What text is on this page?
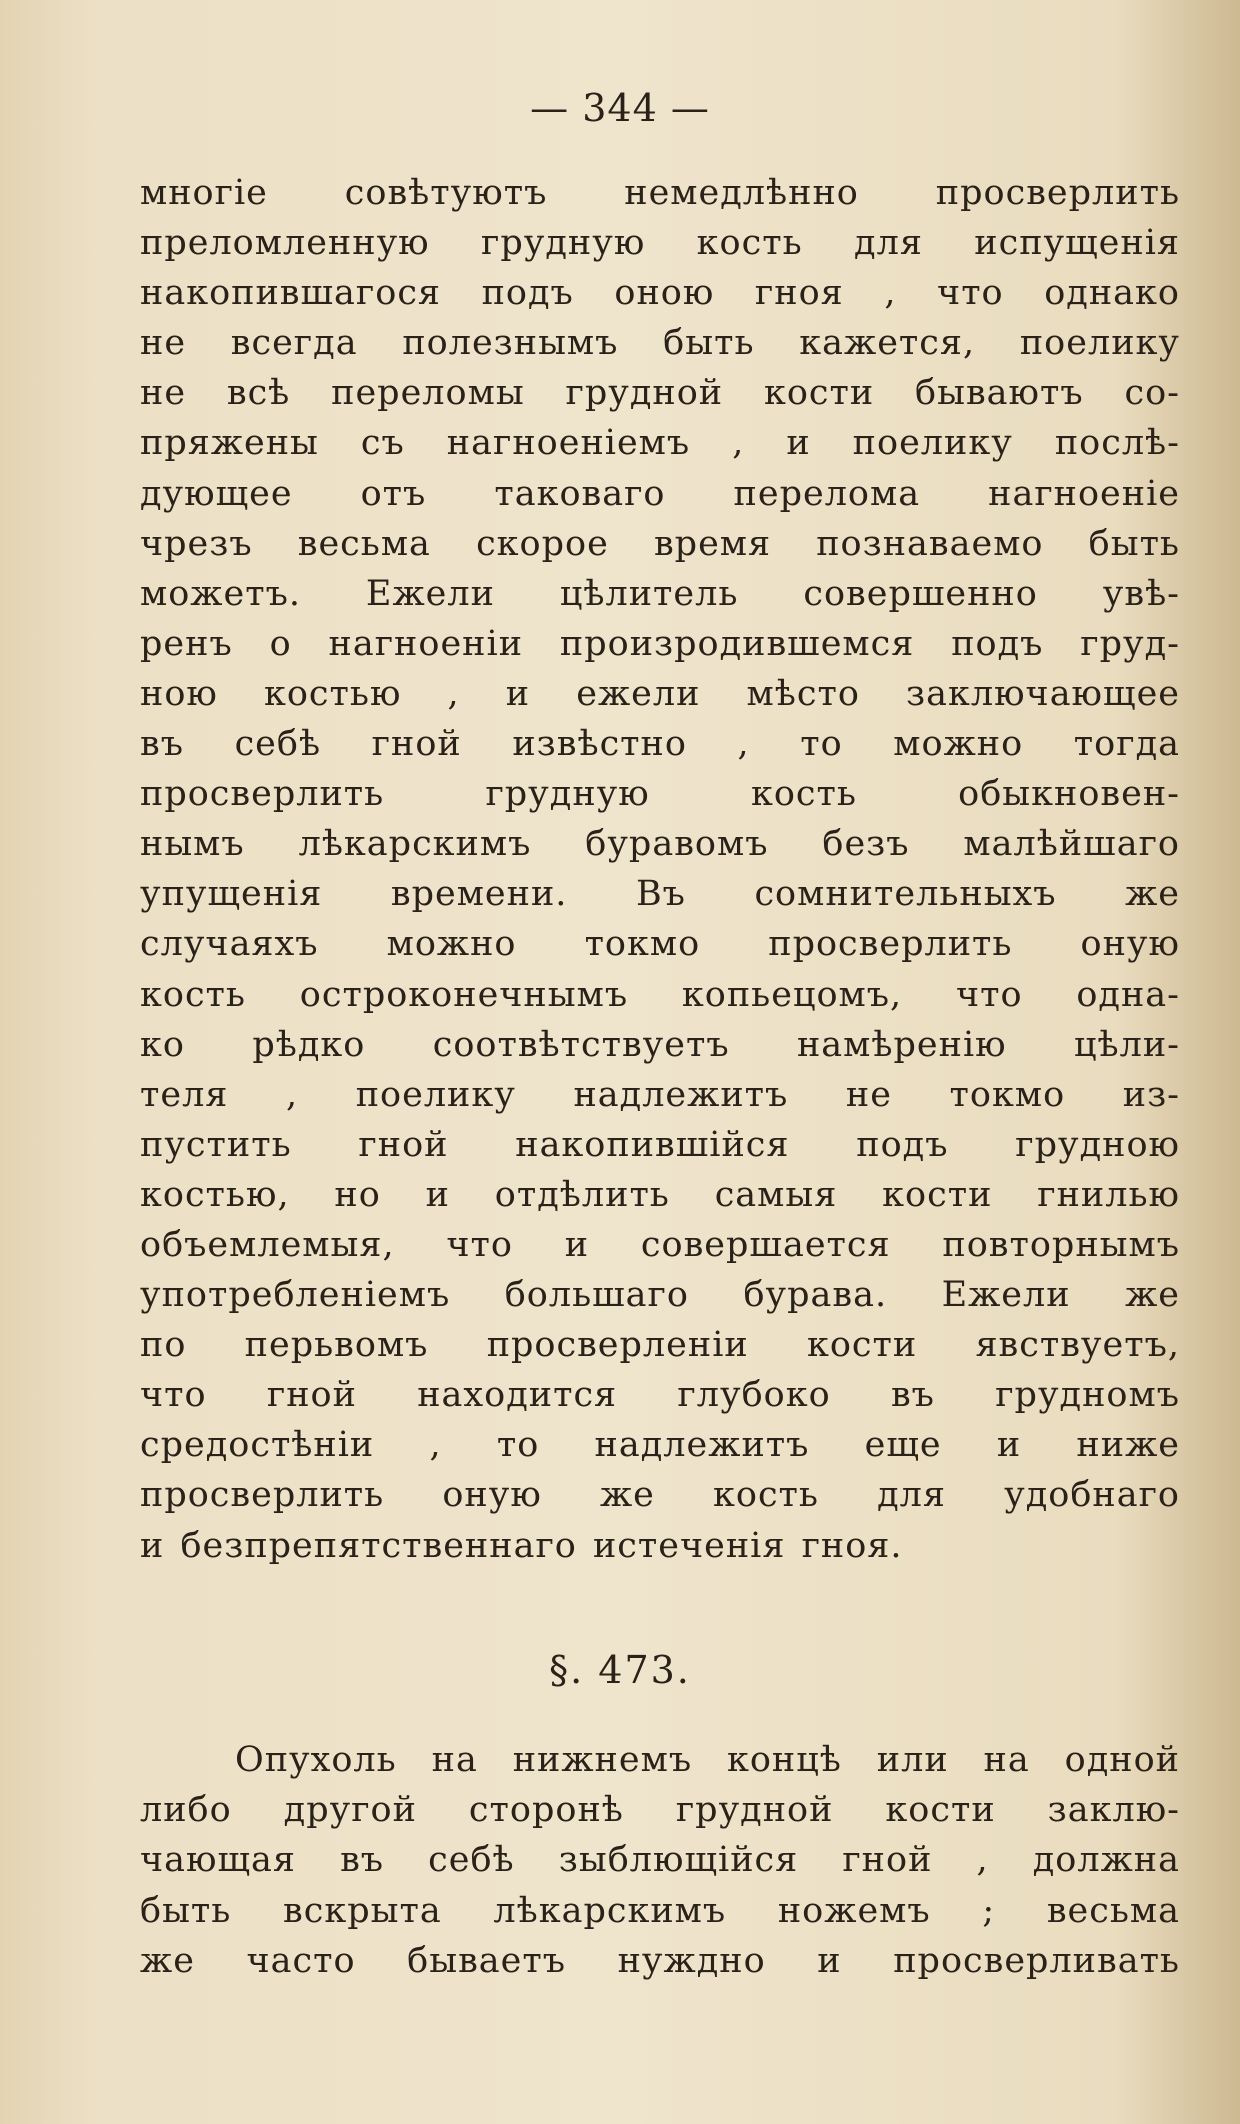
— 344 —
многіе совѣтуютъ немедлѣнно просверлить
преломленную грудную кость для испущенія
накопившагося подъ оною гноя , что однако
не всегда полезнымъ быть кажется, поелику
не всѣ переломы грудной кости бываютъ со-
пряжены съ нагноеніемъ , и поелику послѣ-
дующее отъ таковаго перелома нагноеніе
чрезъ весьма скорое время познаваемо быть
можетъ. Ежели цѣлитель совершенно увѣ-
ренъ о нагноеніи произродившемся подъ груд-
ною костью , и ежели мѣсто заключающее
въ себѣ гной извѣстно , то можно тогда
просверлить грудную кость обыкновен-
нымъ лѣкарскимъ буравомъ безъ малѣйшаго
упущенія времени. Въ сомнительныхъ же
случаяхъ можно токмо просверлить оную
кость остроконечнымъ копьецомъ, что одна-
ко рѣдко соотвѣтствуетъ намѣренію цѣли-
теля , поелику надлежитъ не токмо из-
пустить гной накопившійся подъ грудною
костью, но и отдѣлить самыя кости гнилью
объемлемыя, что и совершается повторнымъ
употребленіемъ большаго бурава. Ежели же
по перьвомъ просверленіи кости явствуетъ,
что гной находится глубоко въ грудномъ
средостѣніи , то надлежитъ еще и ниже
просверлить оную же кость для удобнаго
и безпрепятственнаго истеченія гноя.
§. 473.
Опухоль на нижнемъ концѣ или на одной
либо другой сторонѣ грудной кости заклю-
чающая въ себѣ зыблющійся гной , должна
быть вскрыта лѣкарскимъ ножемъ ; весьма
же часто бываетъ нуждно и просверливать
